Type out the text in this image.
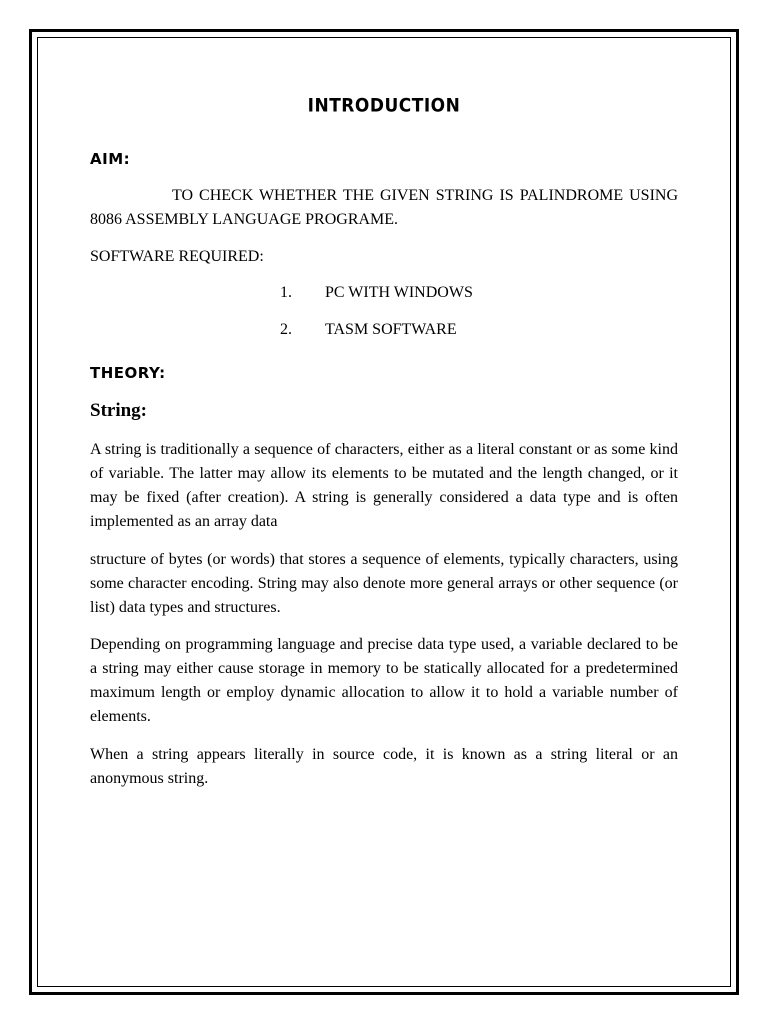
INTRODUCTION
AIM:

TO CHECK WHETHER THE GIVEN STRING IS PALINDROME USING 8086 ASSEMBLY LANGUAGE PROGRAME.

SOFTWARE REQUIRED:

1. PC WITH WINDOWS
2. TASM SOFTWARE
THEORY:
String:

A string is traditionally a sequence of characters, either as a literal constant or as some kind of variable. The latter may allow its elements to be mutated and the length changed, or it may be fixed (after creation). A string is generally considered a data type and is often implemented as an array data

structure of bytes (or words) that stores a sequence of elements, typically characters, using some character encoding. String may also denote more general arrays or other sequence (or list) data types and structures.

Depending on programming language and precise data type used, a variable declared to be a string may either cause storage in memory to be statically allocated for a predetermined maximum length or employ dynamic allocation to allow it to hold a variable number of elements.

When a string appears literally in source code, it is known as a string literal or an anonymous string.
